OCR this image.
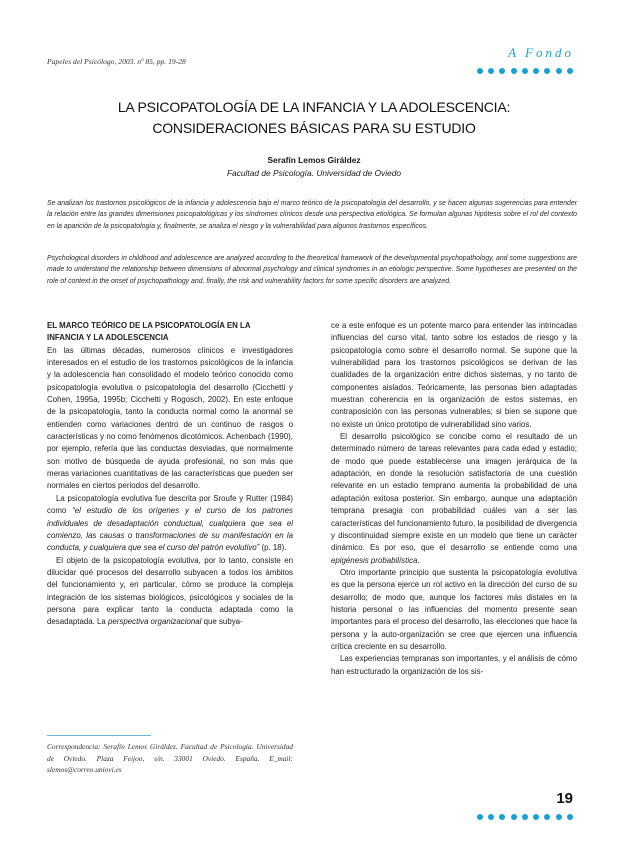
Papeles del Psicólogo, 2003. nº 85, pp. 19-28
A Fondo
LA PSICOPATOLOGÍA DE LA INFANCIA Y LA ADOLESCENCIA:
CONSIDERACIONES BÁSICAS PARA SU ESTUDIO

Serafín Lemos Giráldez

Facultad de Psicología. Universidad de Oviedo

Se analizan los trastornos psicológicos de la infancia y adolescencia bajo el marco teórico de la psicopatología del desarrollo, y se hacen algunas sugerencias para entender la relación entre las grandes dimensiones psicopatológicas y los síndromes clínicos desde una perspectiva etiológica. Se formulan algunas hipótesis sobre el rol del contexto en la aparición de la psicopatología y, finalmente, se analiza el riesgo y la vulnerabilidad para algunos trastornos específicos.

Psychological disorders in childhood and adolescence are analyzed according to the theoretical framework of the developmental psychopathology, and some suggestions are made to understand the relationship between dimensions of abnormal psychology and clinical syndromes in an etiologic perspective. Some hypotheses are presented on the role of context in the onset of psychopathology and, finally, the risk and vulnerability factors for some specific disorders are analyzed.

EL MARCO TEÓRICO DE LA PSICOPATOLOGÍA EN LA
INFANCIA Y LA ADOLESCENCIA

En las últimas décadas, numerosos clínicos e investigadores interesados en el estudio de los trastornos psicológicos de la infancia y la adolescencia han consolidado el modelo teórico conocido como psicopatología evolutiva o psicopatología del desarrollo (Cicchetti y Cohen, 1995a, 1995b; Cicchetti y Rogosch, 2002). En este enfoque de la psicopatología, tanto la conducta normal como la anormal se entienden como variaciones dentro de un continuo de rasgos o características y no como fenómenos dicotómicos. Achenbach (1990), por ejemplo, refería que las conductas desviadas, que normalmente son motivo de búsqueda de ayuda profesional, no son más que meras variaciones cuantitativas de las características que pueden ser normales en ciertos periodos del desarrollo.

La psicopatología evolutiva fue descrita por Sroufe y Rutter (1984) como “el estudio de los orígenes y el curso de los patrones individuales de desadaptación conductual, cualquiera que sea el comienzo, las causas o transformaciones de su manifestación en la conducta, y cualquiera que sea el curso del patrón evolutivo” (p. 18).

El objeto de la psicopatología evolutiva, por lo tanto, consiste en dilucidar qué procesos del desarrollo subyacen a todos los ámbitos del funcionamiento y, en particular, cómo se produce la compleja integración de los sistemas biológicos, psicológicos y sociales de la persona para explicar tanto la conducta adaptada como la desadaptada. La perspectiva organizacional que subya-

ce a este enfoque es un potente marco para entender las intrincadas influencias del curso vital, tanto sobre los estados de riesgo y la psicopatología como sobre el desarrollo normal. Se supone que la vulnerabilidad para los trastornos psicológicos se derivan de las cualidades de la organización entre dichos sistemas, y no tanto de componentes aislados. Teóricamente, las personas bien adaptadas muestran coherencia en la organización de estos sistemas, en contraposición con las personas vulnerables; si bien se supone que no existe un único prototipo de vulnerabilidad sino varios.

El desarrollo psicológico se concibe como el resultado de un determinado número de tareas relevantes para cada edad y estadio; de modo que puede establecerse una imagen jerárquica de la adaptación, en donde la resolución satisfactoria de una cuestión relevante en un estadio temprano aumenta la probabilidad de una adaptación exitosa posterior. Sin embargo, aunque una adaptación temprana presagia con probabilidad cuáles van a ser las características del funcionamiento futuro, la posibilidad de divergencia y discontinuidad siempre existe en un modelo que tiene un carácter dinámico. Es por eso, que el desarrollo se entiende como una epigénesis probabilística.

Otro importante principio que sustenta la psicopatología evolutiva es que la persona ejerce un rol activo en la dirección del curso de su desarrollo; de modo que, aunque los factores más distales en la historia personal o las influencias del momento presente sean importantes para el proceso del desarrollo, las elecciones que hace la persona y la auto-organización se cree que ejercen una influencia crítica creciente en su desarrollo.

Las experiencias tempranas son importantes, y el análisis de cómo han estructurado la organización de los sis-

Correspondencia: Serafín Lemos Giráldez. Facultad de Psicología. Universidad de Oviedo. Plaza Feijoo, s/n. 33001 Oviedo. España. E_mail: slemos@correo.uniovi.es

19
